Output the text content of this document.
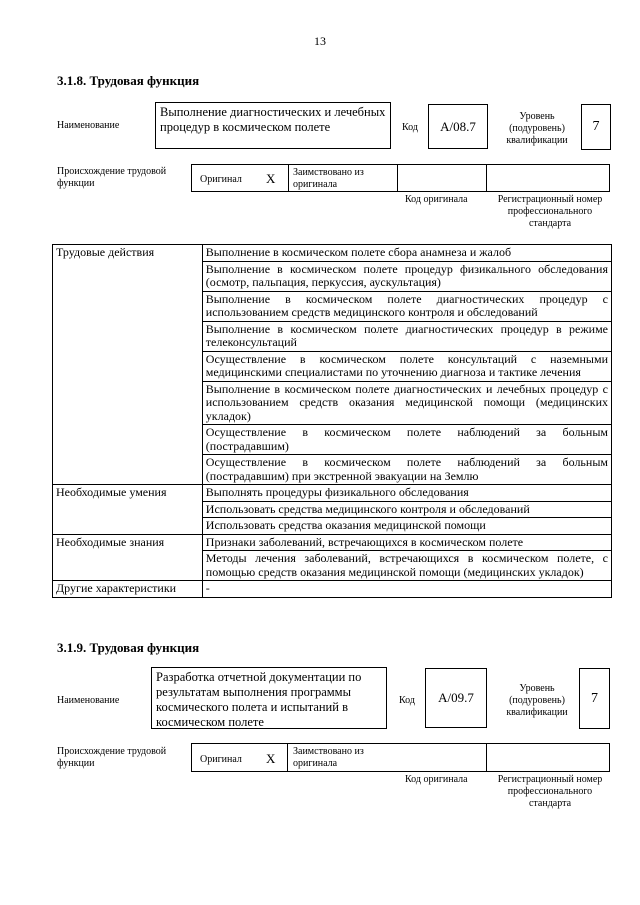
13
3.1.8. Трудовая функция
Наименование
Выполнение диагностических и лечебных процедур в космическом полете	Код	А/08.7
Уровень (подуровень) квалификации
7
Происхождение трудовой функции	Оригинал X Заимствовано из оригинала
Код оригинала	Регистрационный номер профессионального стандарта
Трудовые действия	Выполнение в космическом полете сбора анамнеза и жалоб
	Выполнение в космическом полете процедур физикального обследования (осмотр, пальпация, перкуссия, аускультация)
	Выполнение в космическом полете диагностических процедур с использованием средств медицинского контроля и обследований
	Выполнение в космическом полете диагностических процедур в режиме телеконсультаций
	Осуществление в космическом полете консультаций с наземными медицинскими специалистами по уточнению диагноза и тактике лечения
	Выполнение в космическом полете диагностических и лечебных процедур с использованием средств оказания медицинской помощи (медицинских укладок)
	Осуществление в космическом полете наблюдений за больным (пострадавшим)
	Осуществление в космическом полете наблюдений за больным (пострадавшим) при экстренной эвакуации на Землю
Необходимые умения	Выполнять процедуры физикального обследования
	Использовать средства медицинского контроля и обследований
	Использовать средства оказания медицинской помощи
Необходимые знания	Признаки заболеваний, встречающихся в космическом полете
	Методы лечения заболеваний, встречающихся в космическом полете, с помощью средств оказания медицинской помощи (медицинских укладок)
Другие характеристики	-
3.1.9. Трудовая функция
Наименование
Разработка отчетной документации по результатам выполнения программы космического полета и испытаний в космическом полете
Код	А/09.7
Уровень (подуровень) квалификации
7
Происхождение трудовой функции	Оригинал X Заимствовано из оригинала
Код оригинала	Регистрационный номер профессионального стандарта
